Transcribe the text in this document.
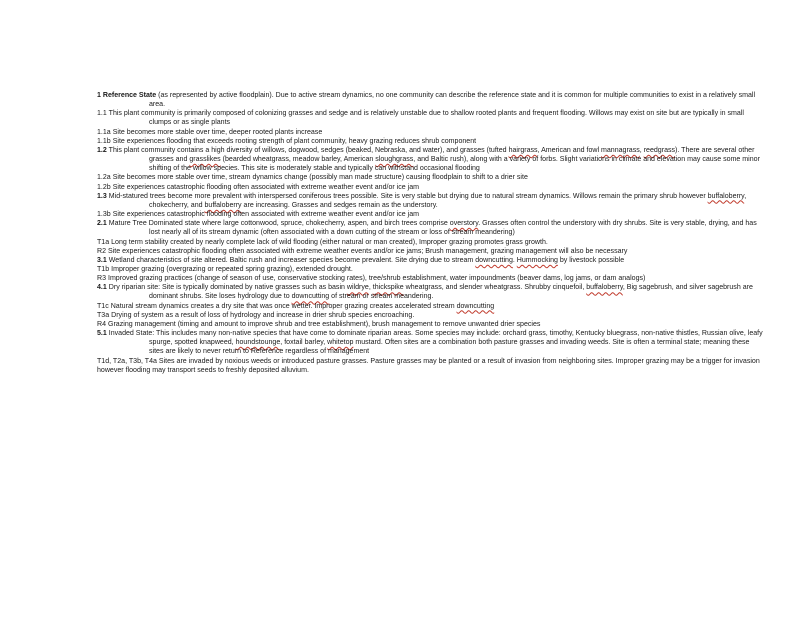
1 Reference State (as represented by active floodplain). Due to active stream dynamics, no one community can describe the reference state and it is common for multiple communities to exist in a relatively small area.

1.1 This plant community is primarily composed of colonizing grasses and sedge and is relatively unstable due to shallow rooted plants and frequent flooding. Willows may exist on site but are typically in small clumps or as single plants

1.1a Site becomes more stable over time, deeper rooted plants increase

1.1b Site experiences flooding that exceeds rooting strength of plant community, heavy grazing reduces shrub component

1.2 This plant community contains a high diversity of willows, dogwood, sedges (beaked, Nebraska, and water), and grasses (tufted hairgrass, American and fowl mannagrass, reedgrass). There are several other grasses and grasslikes (bearded wheatgrass, meadow barley, American sloughgrass, and Baltic rush), along with a variety of forbs. Slight variations in climate and elevation may cause some minor shifting of the willow species. This site is moderately stable and typically can withstand occasional flooding

1.2a Site becomes more stable over time, stream dynamics change (possibly man made structure) causing floodplain to shift to a drier site

1.2b Site experiences catastrophic flooding often associated with extreme weather event and/or ice jam

1.3 Mid-statured trees become more prevalent with interspersed coniferous trees possible. Site is very stable but drying due to natural stream dynamics. Willows remain the primary shrub however buffaloberry, chokecherry, and buffaloberry are increasing. Grasses and sedges remain as the understory.

1.3b Site experiences catastrophic flooding often associated with extreme weather event and/or ice jam

2.1 Mature Tree Dominated state where large cottonwood, spruce, chokecherry, aspen, and birch trees comprise overstory. Grasses often control the understory with dry shrubs. Site is very stable, drying, and has lost nearly all of its stream dynamic (often associated with a down cutting of the stream or loss of stream meandering)

T1a Long term stability created by nearly complete lack of wild flooding (either natural or man created), Improper grazing promotes grass growth.

R2 Site experiences catastrophic flooding often associated with extreme weather events and/or ice jams; Brush management, grazing management will also be necessary

3.1 Wetland characteristics of site altered. Baltic rush and increaser species become prevalent. Site drying due to stream downcutting. Hummocking by livestock possible

T1b Improper grazing (overgrazing or repeated spring grazing), extended drought.

R3 Improved grazing practices (change of season of use, conservative stocking rates), tree/shrub establishment, water impoundments (beaver dams, log jams, or dam analogs)

4.1 Dry riparian site: Site is typically dominated by native grasses such as basin wildrye, thickspike wheatgrass, and slender wheatgrass. Shrubby cinquefoil, buffaloberry, Big sagebrush, and silver sagebrush are dominant shrubs. Site loses hydrology due to downcutting of stream or stream meandering.

T1c Natural stream dynamics creates a dry site that was once wetter. Improper grazing creates accelerated stream downcutting

T3a Drying of system as a result of loss of hydrology and increase in drier shrub species encroaching.

R4 Grazing management (timing and amount to improve shrub and tree establishment), brush management to remove unwanted drier species

5.1 Invaded State: This includes many non-native species that have come to dominate riparian areas. Some species may include: orchard grass, timothy, Kentucky bluegrass, non-native thistles, Russian olive, leafy spurge, spotted knapweed, houndstounge, foxtail barley, whitetop mustard. Often sites are a combination both pasture grasses and invading weeds. Site is often a terminal state; meaning these sites are likely to never return to Reference regardless of management

T1d, T2a, T3b, T4a Sites are invaded by noxious weeds or introduced pasture grasses. Pasture grasses may be planted or a result of invasion from neighboring sites. Improper grazing may be a trigger for invasion however flooding may transport seeds to freshly deposited alluvium.
